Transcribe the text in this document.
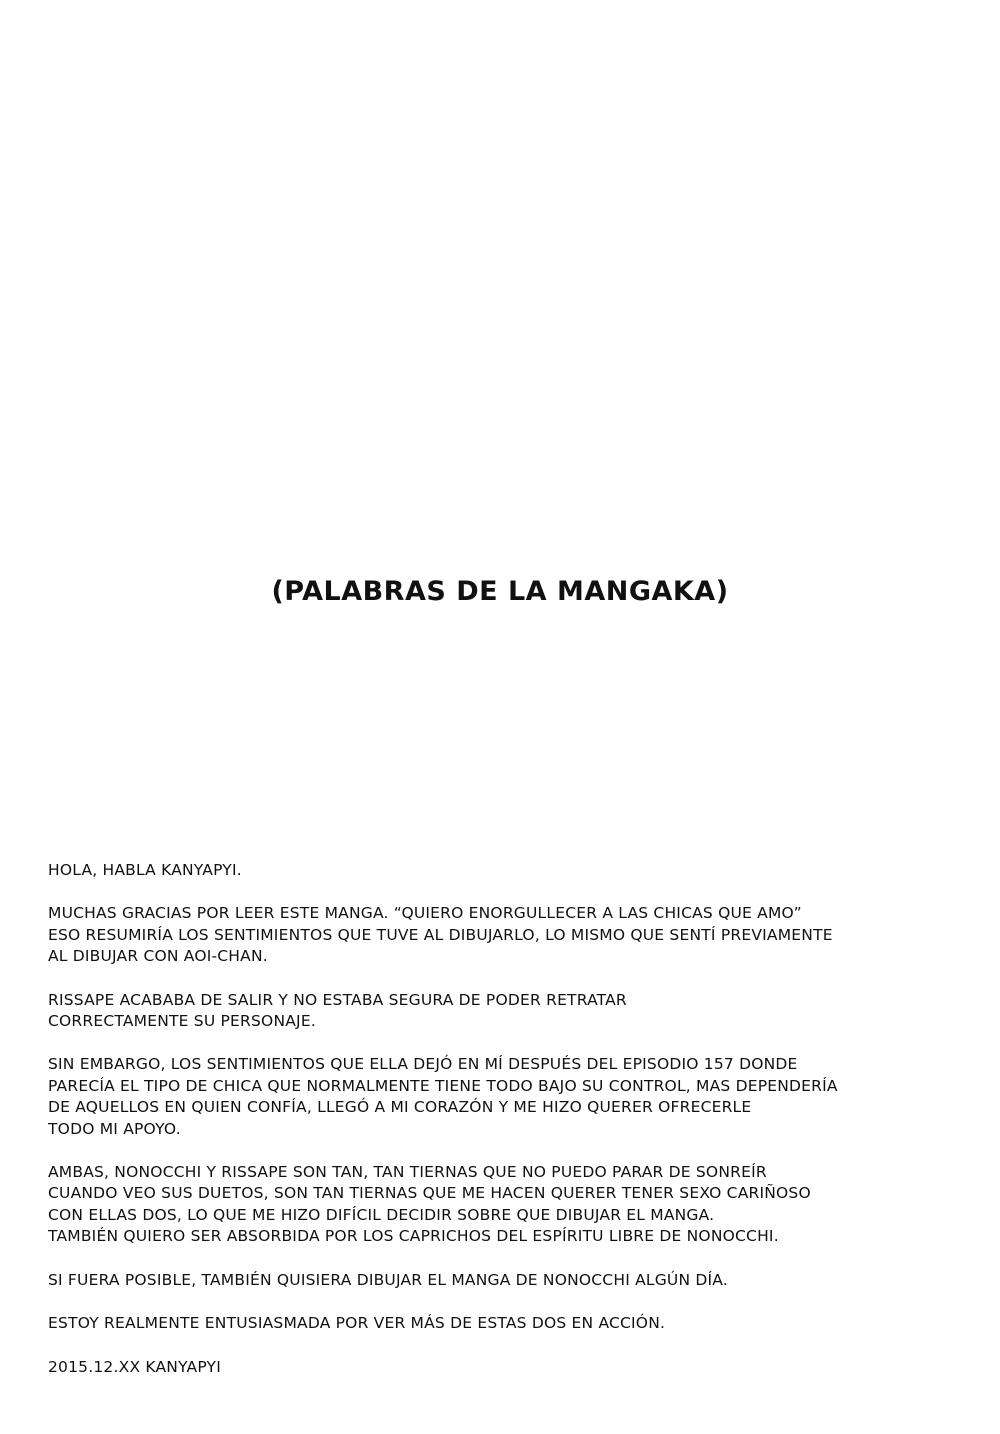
(PALABRAS DE LA MANGAKA)

HOLA, HABLA KANYAPYI.

MUCHAS GRACIAS POR LEER ESTE MANGA. “QUIERO ENORGULLECER A LAS CHICAS QUE AMO”
ESO RESUMIRÍA LOS SENTIMIENTOS QUE TUVE AL DIBUJARLO, LO MISMO QUE SENTÍ PREVIAMENTE
AL DIBUJAR CON AOI-CHAN.

RISSAPE ACABABA DE SALIR Y NO ESTABA SEGURA DE PODER RETRATAR
CORRECTAMENTE SU PERSONAJE.

SIN EMBARGO, LOS SENTIMIENTOS QUE ELLA DEJÓ EN MÍ DESPUÉS DEL EPISODIO 157 DONDE
PARECÍA EL TIPO DE CHICA QUE NORMALMENTE TIENE TODO BAJO SU CONTROL, MAS DEPENDERÍA
DE AQUELLOS EN QUIEN CONFÍA, LLEGÓ A MI CORAZÓN Y ME HIZO QUERER OFRECERLE
TODO MI APOYO.

AMBAS, NONOCCHI Y RISSAPE SON TAN, TAN TIERNAS QUE NO PUEDO PARAR DE SONREÍR
CUANDO VEO SUS DUETOS, SON TAN TIERNAS QUE ME HACEN QUERER TENER SEXO CARIÑOSO
CON ELLAS DOS, LO QUE ME HIZO DIFÍCIL DECIDIR SOBRE QUE DIBUJAR EL MANGA.
TAMBIÉN QUIERO SER ABSORBIDA POR LOS CAPRICHOS DEL ESPÍRITU LIBRE DE NONOCCHI.

SI FUERA POSIBLE, TAMBIÉN QUISIERA DIBUJAR EL MANGA DE NONOCCHI ALGÚN DÍA.

ESTOY REALMENTE ENTUSIASMADA POR VER MÁS DE ESTAS DOS EN ACCIÓN.

2015.12.XX KANYAPYI
